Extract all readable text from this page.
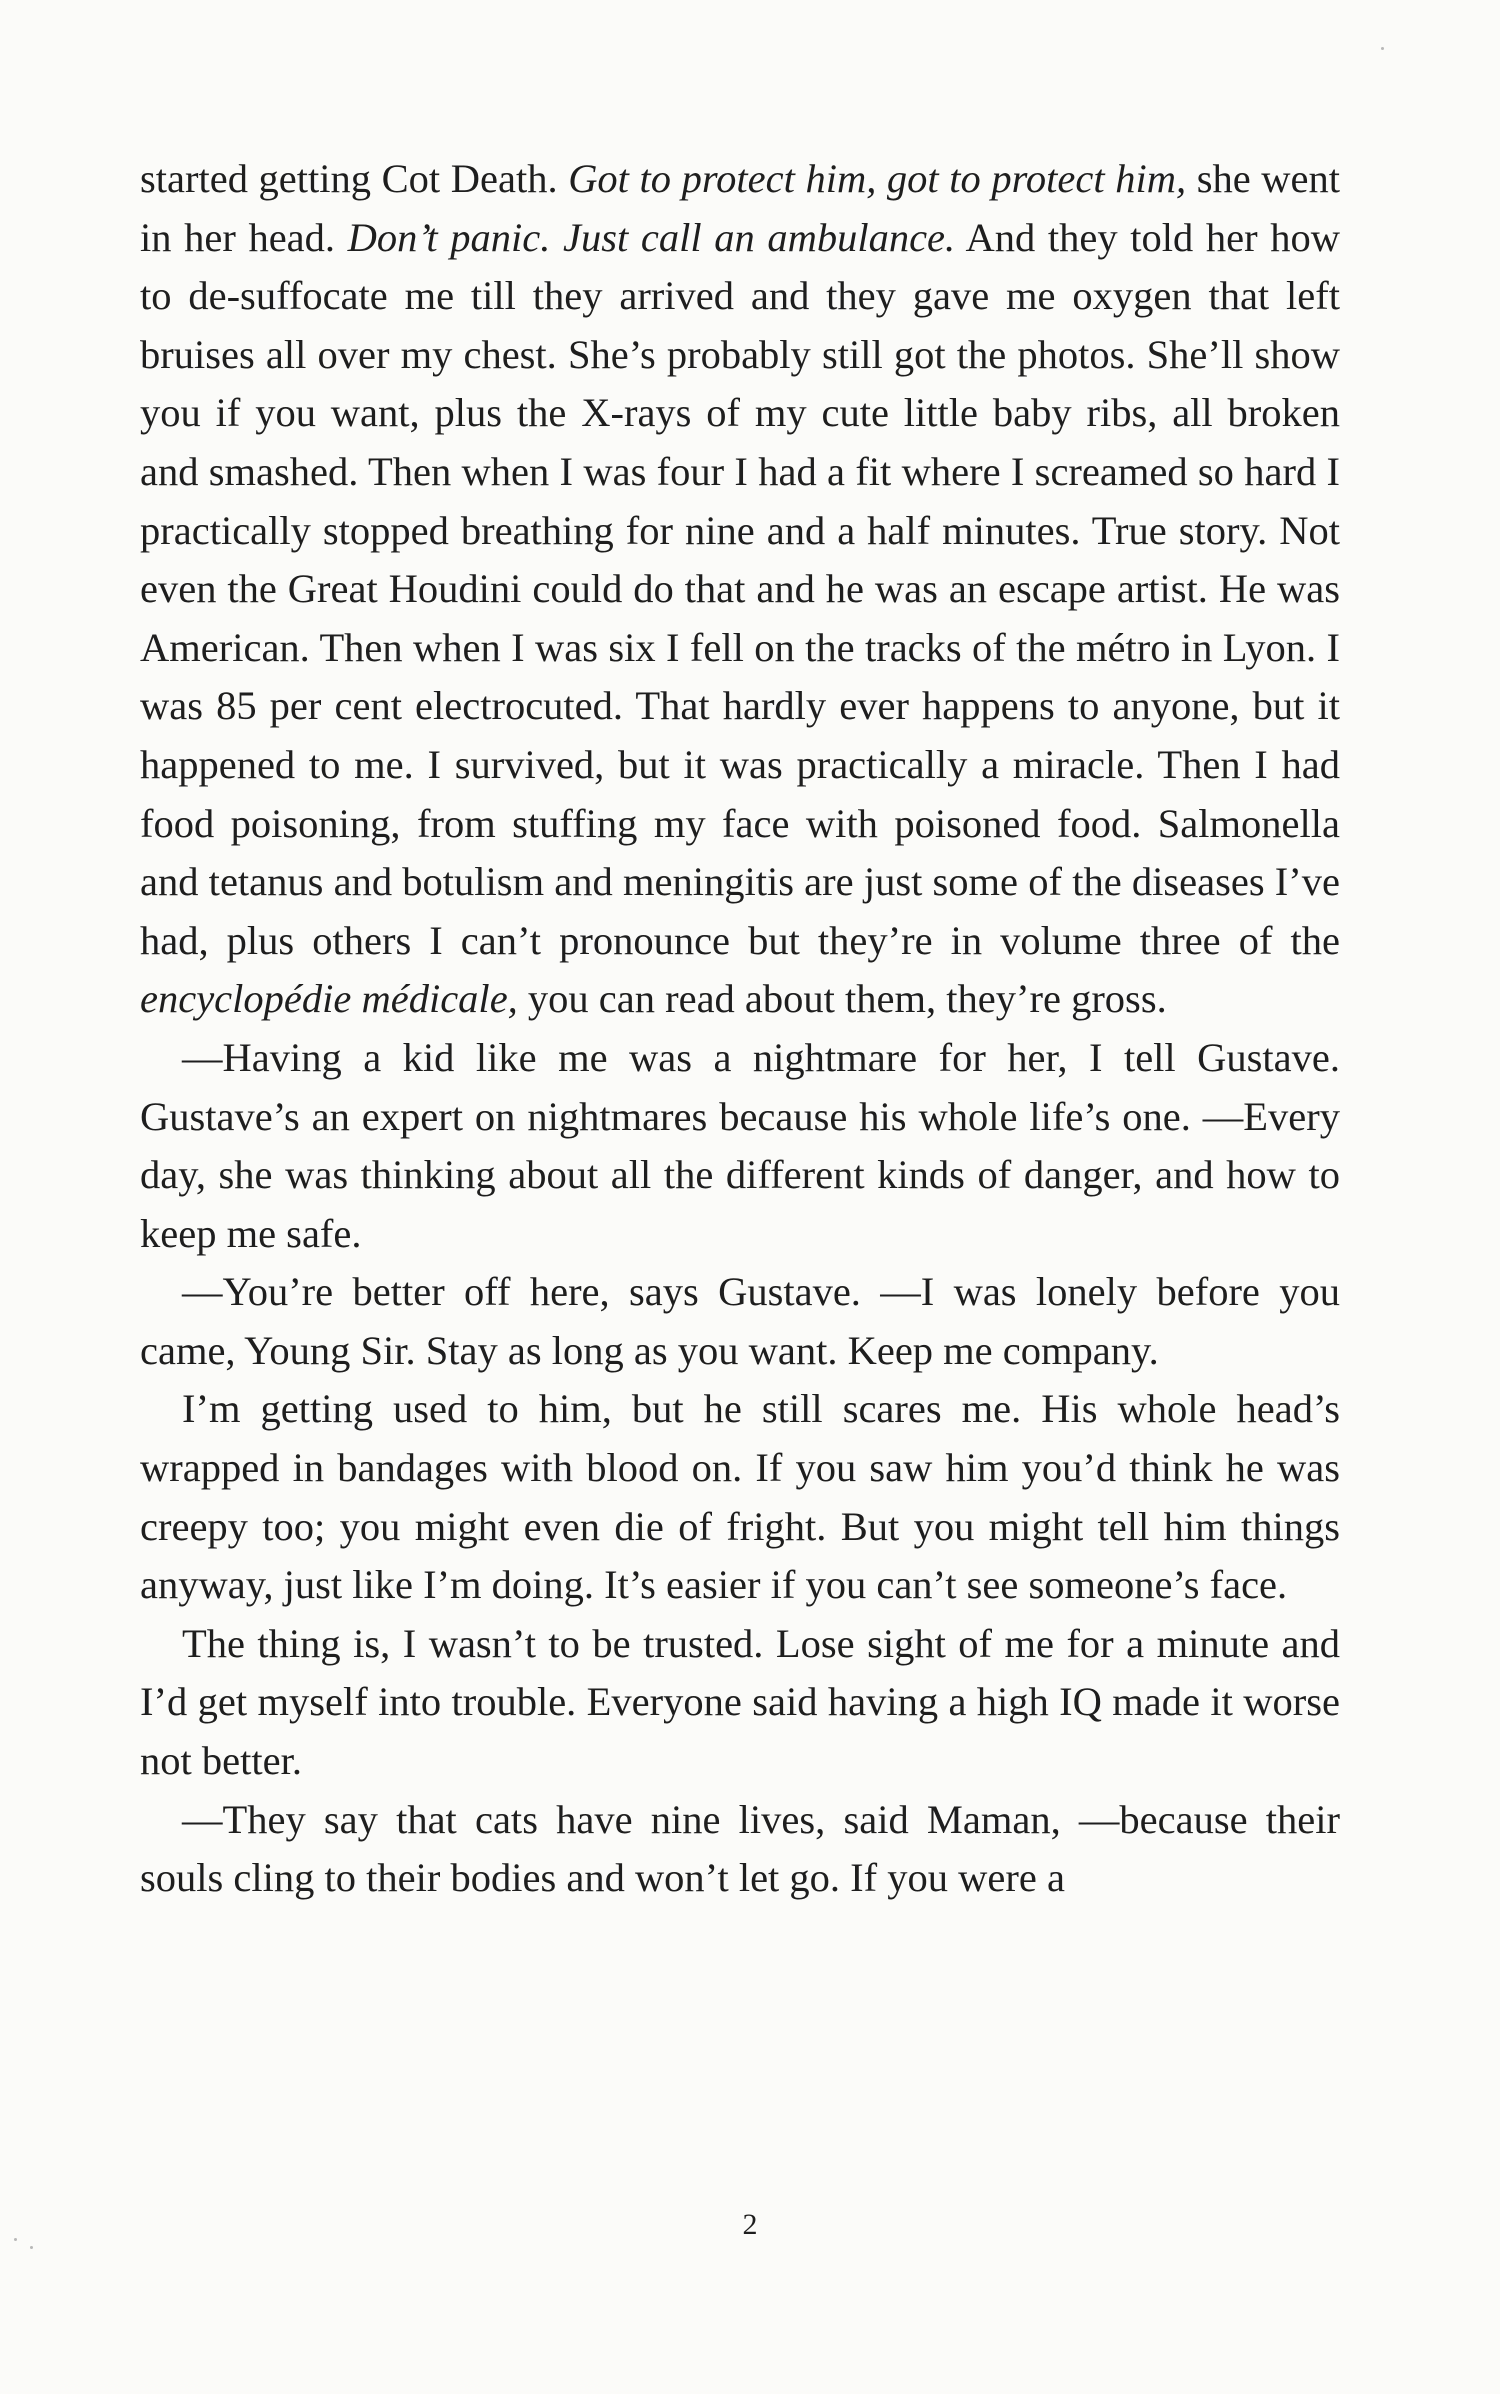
started getting Cot Death. Got to protect him, got to protect him, she went in her head. Don’t panic. Just call an ambulance. And they told her how to de-suffocate me till they arrived and they gave me oxygen that left bruises all over my chest. She’s probably still got the photos. She’ll show you if you want, plus the X-rays of my cute little baby ribs, all broken and smashed. Then when I was four I had a fit where I screamed so hard I practically stopped breathing for nine and a half minutes. True story. Not even the Great Houdini could do that and he was an escape artist. He was American. Then when I was six I fell on the tracks of the métro in Lyon. I was 85 per cent electrocuted. That hardly ever happens to anyone, but it happened to me. I survived, but it was practically a miracle. Then I had food poisoning, from stuffing my face with poisoned food. Salmonella and tetanus and botulism and meningitis are just some of the diseases I’ve had, plus others I can’t pronounce but they’re in volume three of the encyclopédie médicale, you can read about them, they’re gross.

—Having a kid like me was a nightmare for her, I tell Gustave. Gustave’s an expert on nightmares because his whole life’s one. —Every day, she was thinking about all the different kinds of danger, and how to keep me safe.

—You’re better off here, says Gustave. —I was lonely before you came, Young Sir. Stay as long as you want. Keep me company.

I’m getting used to him, but he still scares me. His whole head’s wrapped in bandages with blood on. If you saw him you’d think he was creepy too; you might even die of fright. But you might tell him things anyway, just like I’m doing. It’s easier if you can’t see someone’s face.

The thing is, I wasn’t to be trusted. Lose sight of me for a minute and I’d get myself into trouble. Everyone said having a high IQ made it worse not better.

—They say that cats have nine lives, said Maman, —because their souls cling to their bodies and won’t let go. If you were a

2
